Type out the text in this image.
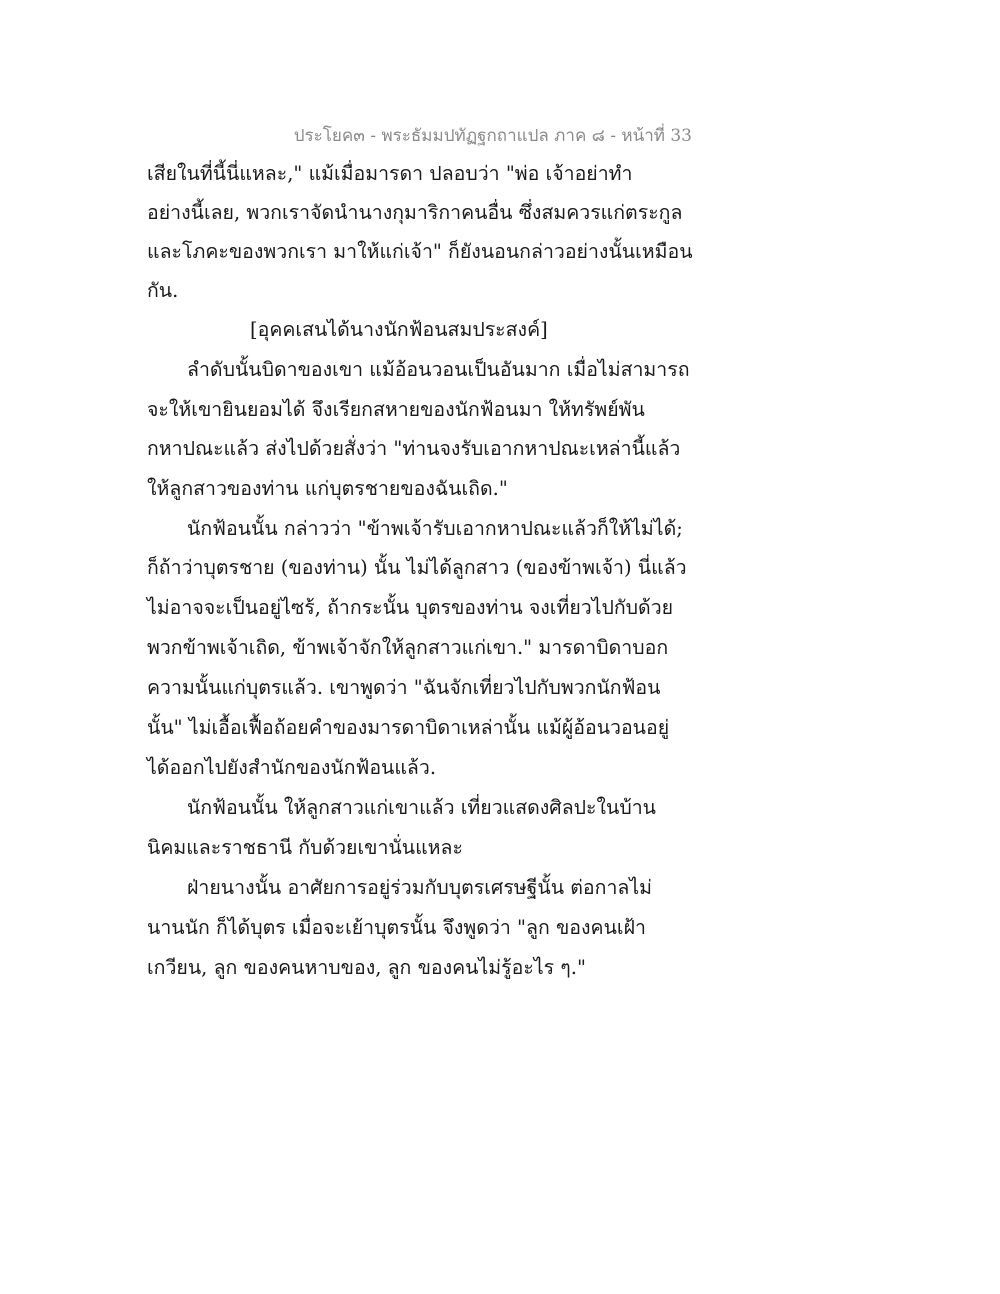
ประโยค๓ - พระธัมมปทัฏฐกถาแปล ภาค ๘ - หน้าที่ 33
เสียในที่นี้นี่แหละ," แม้เมื่อมารดา ปลอบว่า "พ่อ เจ้าอย่าทำ
อย่างนี้เลย, พวกเราจัดนำนางกุมาริกาคนอื่น ซึ่งสมควรแก่ตระกูล
และโภคะของพวกเรา มาให้แก่เจ้า" ก็ยังนอนกล่าวอย่างนั้นเหมือน
กัน.
[อุคคเสนได้นางนักฟ้อนสมประสงค์]
ลำดับนั้นบิดาของเขา แม้อ้อนวอนเป็นอันมาก เมื่อไม่สามารถ
จะให้เขายินยอมได้ จึงเรียกสหายของนักฟ้อนมา ให้ทรัพย์พัน
กหาปณะแล้ว ส่งไปด้วยสั่งว่า "ท่านจงรับเอากหาปณะเหล่านี้แล้ว
ให้ลูกสาวของท่าน แก่บุตรชายของฉันเถิด."
นักฟ้อนนั้น กล่าวว่า "ข้าพเจ้ารับเอากหาปณะแล้วก็ให้ไม่ได้;
ก็ถ้าว่าบุตรชาย (ของท่าน) นั้น ไม่ได้ลูกสาว (ของข้าพเจ้า) นี่แล้ว
ไม่อาจจะเป็นอยู่ไซร้, ถ้ากระนั้น บุตรของท่าน จงเที่ยวไปกับด้วย
พวกข้าพเจ้าเถิด, ข้าพเจ้าจักให้ลูกสาวแก่เขา." มารดาบิดาบอก
ความนั้นแก่บุตรแล้ว. เขาพูดว่า "ฉันจักเที่ยวไปกับพวกนักฟ้อน
นั้น" ไม่เอื้อเฟื้อถ้อยคำของมารดาบิดาเหล่านั้น แม้ผู้อ้อนวอนอยู่
ได้ออกไปยังสำนักของนักฟ้อนแล้ว.
นักฟ้อนนั้น ให้ลูกสาวแก่เขาแล้ว เที่ยวแสดงศิลปะในบ้าน
นิคมและราชธานี กับด้วยเขานั่นแหละ
ฝ่ายนางนั้น อาศัยการอยู่ร่วมกับบุตรเศรษฐีนั้น ต่อกาลไม่
นานนัก ก็ได้บุตร เมื่อจะเย้าบุตรนั้น จึงพูดว่า "ลูก ของคนเฝ้า
เกวียน, ลูก ของคนหาบของ, ลูก ของคนไม่รู้อะไร ๆ."
